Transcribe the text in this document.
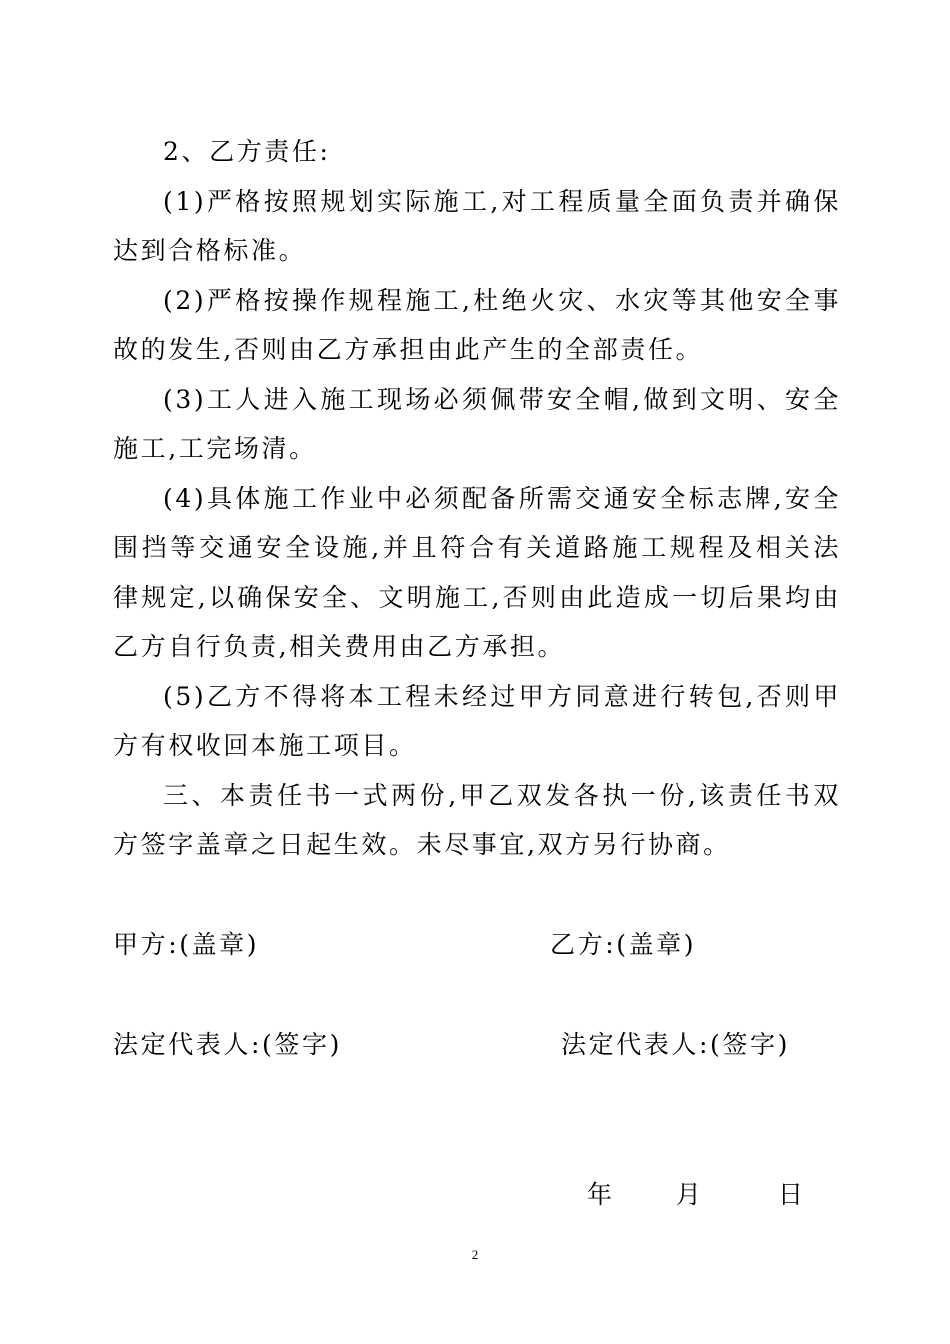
2、乙方责任:

(1)严格按照规划实际施工,对工程质量全面负责并确保达到合格标准。

(2)严格按操作规程施工,杜绝火灾、水灾等其他安全事故的发生,否则由乙方承担由此产生的全部责任。

(3)工人进入施工现场必须佩带安全帽,做到文明、安全施工,工完场清。

(4)具体施工作业中必须配备所需交通安全标志牌,安全围挡等交通安全设施,并且符合有关道路施工规程及相关法律规定,以确保安全、文明施工,否则由此造成一切后果均由乙方自行负责,相关费用由乙方承担。

(5)乙方不得将本工程未经过甲方同意进行转包,否则甲方有权收回本施工项目。

三、本责任书一式两份,甲乙双发各执一份,该责任书双方签字盖章之日起生效。未尽事宜,双方另行协商。

甲方:(盖章)	乙方:(盖章)
法定代表人:(签字)	法定代表人:(签字)
年	月	日
2
